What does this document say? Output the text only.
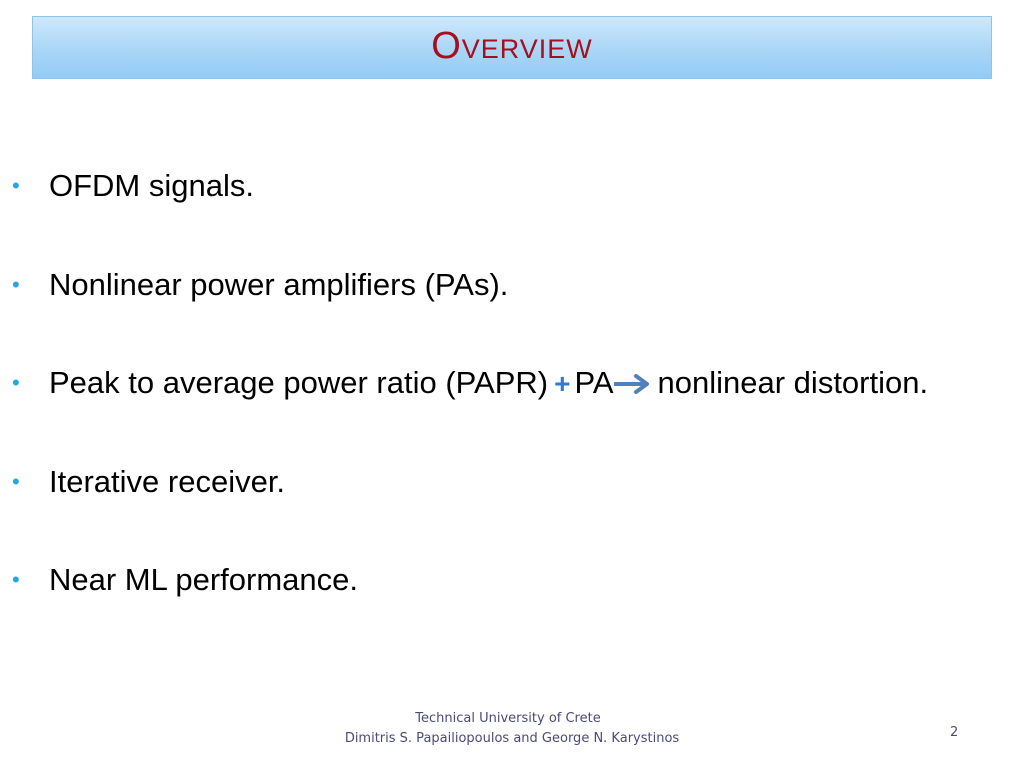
Overview
• OFDM signals.
• Nonlinear power amplifiers (PAs).
• Peak to average power ratio (PAPR) + PA nonlinear distortion.
• Iterative receiver.
• Near ML performance.
Technical University of Crete
Dimitris S. Papailiopoulos and George N. Karystinos	2
